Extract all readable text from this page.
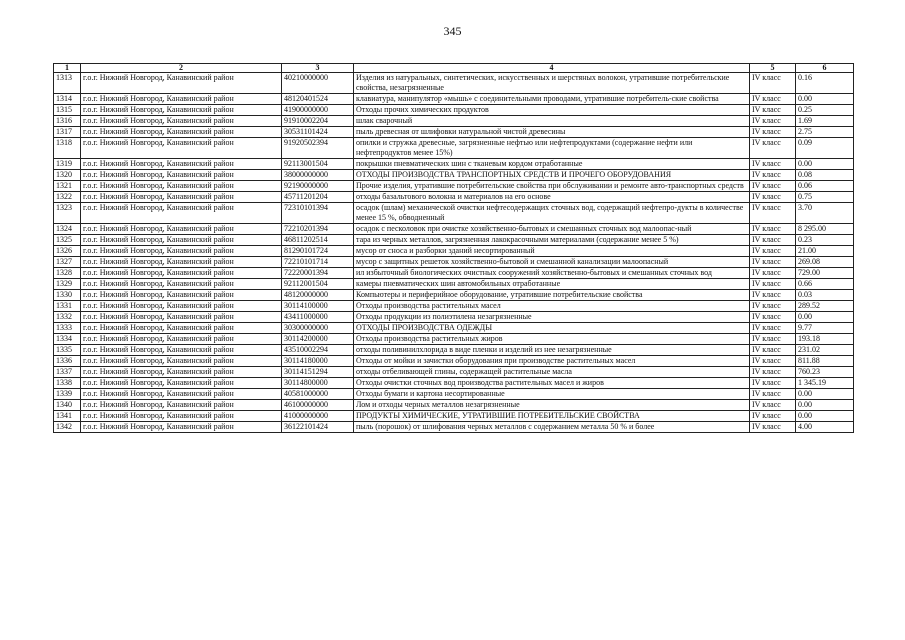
345
1	2	3	4	5	6
1313	г.о.г. Нижний Новгород, Канавинский район	40210000000	Изделия из натуральных, синтетических, искусственных и шерстяных волокон, утратившие потребительские свойства, незагрязненные	IV класс	0.16
1314	г.о.г. Нижний Новгород, Канавинский район	48120401524	клавиатура, манипулятор «мышь» с соединительными проводами, утратившие потребитель-ские свойства	IV класс	0.00
1315	г.о.г. Нижний Новгород, Канавинский район	41900000000	Отходы прочих химических продуктов	IV класс	0.25
1316	г.о.г. Нижний Новгород, Канавинский район	91910002204	шлак сварочный	IV класс	1.69
1317	г.о.г. Нижний Новгород, Канавинский район	30531101424	пыль древесная от шлифовки натуральной чистой древесины	IV класс	2.75
1318	г.о.г. Нижний Новгород, Канавинский район	91920502394	опилки и стружка древесные, загрязненные нефтью или нефтепродуктами (содержание нефти или нефтепродуктов менее 15%)	IV класс	0.09
1319	г.о.г. Нижний Новгород, Канавинский район	92113001504	покрышки пневматических шин с тканевым кордом отработанные	IV класс	0.00
1320	г.о.г. Нижний Новгород, Канавинский район	38000000000	ОТХОДЫ ПРОИЗВОДСТВА ТРАНСПОРТНЫХ СРЕДСТВ И ПРОЧЕГО ОБОРУДОВАНИЯ	IV класс	0.08
1321	г.о.г. Нижний Новгород, Канавинский район	92190000000	Прочие изделия, утратившие потребительские свойства при обслуживании и ремонте авто-транспортных средств	IV класс	0.06
1322	г.о.г. Нижний Новгород, Канавинский район	45711201204	отходы базальтового волокна и материалов на его основе	IV класс	0.75
1323	г.о.г. Нижний Новгород, Канавинский район	72310101394	осадок (шлам) механической очистки нефтесодержащих сточных вод, содержащий нефтепро-дукты в количестве менее 15 %, обводненный	IV класс	3.70
1324	г.о.г. Нижний Новгород, Канавинский район	72210201394	осадок с песколовок при очистке хозяйственно-бытовых и смешанных сточных вод малоопас-ный	IV класс	8 295.00
1325	г.о.г. Нижний Новгород, Канавинский район	46811202514	тара из черных металлов, загрязненная лакокрасочными материалами (содержание менее 5 %)	IV класс	0.23
1326	г.о.г. Нижний Новгород, Канавинский район	81290101724	мусор от сноса и разборки зданий несортированный	IV класс	21.00
1327	г.о.г. Нижний Новгород, Канавинский район	72210101714	мусор с защитных решеток хозяйственно-бытовой и смешанной канализации малоопасный	IV класс	269.08
1328	г.о.г. Нижний Новгород, Канавинский район	72220001394	ил избыточный биологических очистных сооружений хозяйственно-бытовых и смешанных сточных вод	IV класс	729.00
1329	г.о.г. Нижний Новгород, Канавинский район	92112001504	камеры пневматических шин автомобильных отработанные	IV класс	0.66
1330	г.о.г. Нижний Новгород, Канавинский район	48120000000	Компьютеры и периферийное оборудование, утратившие потребительские свойства	IV класс	0.03
1331	г.о.г. Нижний Новгород, Канавинский район	30114100000	Отходы производства растительных масел	IV класс	289.52
1332	г.о.г. Нижний Новгород, Канавинский район	43411000000	Отходы продукции из полиэтилена незагрязненные	IV класс	0.00
1333	г.о.г. Нижний Новгород, Канавинский район	30300000000	ОТХОДЫ ПРОИЗВОДСТВА ОДЕЖДЫ	IV класс	9.77
1334	г.о.г. Нижний Новгород, Канавинский район	30114200000	Отходы производства растительных жиров	IV класс	193.18
1335	г.о.г. Нижний Новгород, Канавинский район	43510002294	отходы поливинилхлорида в виде пленки и изделий из нее незагрязненные	IV класс	231.02
1336	г.о.г. Нижний Новгород, Канавинский район	30114180000	Отходы от мойки и зачистки оборудования при производстве растительных масел	IV класс	811.88
1337	г.о.г. Нижний Новгород, Канавинский район	30114151294	отходы отбеливающей глины, содержащей растительные масла	IV класс	760.23
1338	г.о.г. Нижний Новгород, Канавинский район	30114800000	Отходы очистки сточных вод производства растительных масел и жиров	IV класс	1 345.19
1339	г.о.г. Нижний Новгород, Канавинский район	40581000000	Отходы бумаги и картона несортированные	IV класс	0.00
1340	г.о.г. Нижний Новгород, Канавинский район	46100000000	Лом и отходы черных металлов незагрязненные	IV класс	0.00
1341	г.о.г. Нижний Новгород, Канавинский район	41000000000	ПРОДУКТЫ ХИМИЧЕСКИЕ, УТРАТИВШИЕ ПОТРЕБИТЕЛЬСКИЕ СВОЙСТВА	IV класс	0.00
1342	г.о.г. Нижний Новгород, Канавинский район	36122101424	пыль (порошок) от шлифования черных металлов с содержанием металла 50 % и более	IV класс	4.00
